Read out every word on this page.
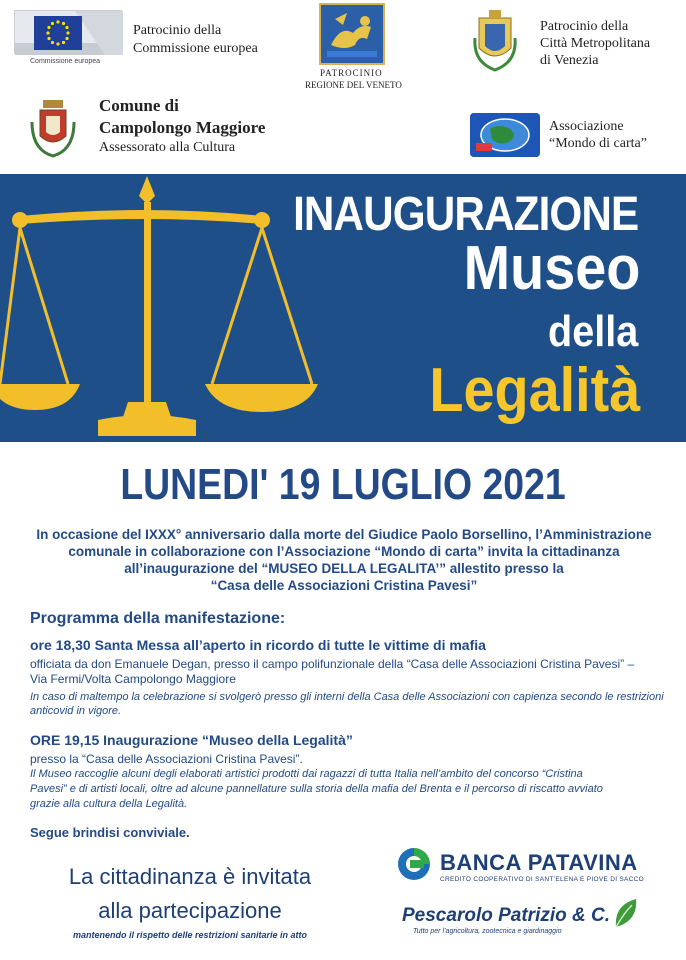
Commissione europea
Patrocinio della
Commissione europea
PATROCINIO
REGIONE DEL VENETO
Patrocinio della
Città Metropolitana
di Venezia
Comune di
Campolongo Maggiore
Assessorato alla Cultura
Associazione
“Mondo di carta”
INAUGURAZIONE
Museo
della
Legalità
LUNEDI' 19 LUGLIO 2021
In occasione del IXXX° anniversario dalla morte del Giudice Paolo Borsellino, l’Amministrazione
comunale in collaborazione con l’Associazione “Mondo di carta” invita la cittadinanza
all’inaugurazione del “MUSEO DELLA LEGALITA’” allestito presso la
“Casa delle Associazioni Cristina Pavesi”
Programma della manifestazione:
ore 18,30 Santa Messa all’aperto in ricordo di tutte le vittime di mafia
officiata da don Emanuele Degan, presso il campo polifunzionale della “Casa delle Associazioni Cristina Pavesi” –
Via Fermi/Volta Campolongo Maggiore
In caso di maltempo la celebrazione si svolgerò presso gli interni della Casa delle Associazioni con capienza secondo le restrizioni
anticovid in vigore.
ORE 19,15 Inaugurazione “Museo della Legalità”
presso la “Casa delle Associazioni Cristina Pavesi”.
Il Museo raccoglie alcuni degli elaborati artistici prodotti dai ragazzi di tutta Italia nell’ambito del concorso “Cristina
Pavesi” e di artisti locali, oltre ad alcune pannellature sulla storia della mafia del Brenta e il percorso di riscatto avviato
grazie alla cultura della Legalità.
Segue brindisi conviviale.
La cittadinanza è invitata
alla partecipazione
mantenendo il rispetto delle restrizioni sanitarie in atto
BANCA PATAVINA
CREDITO COOPERATIVO DI SANT’ELENA E PIOVE DI SACCO
Pescarolo Patrizio & C.
Tutto per l’agricoltura, zootecnica e giardinaggio
